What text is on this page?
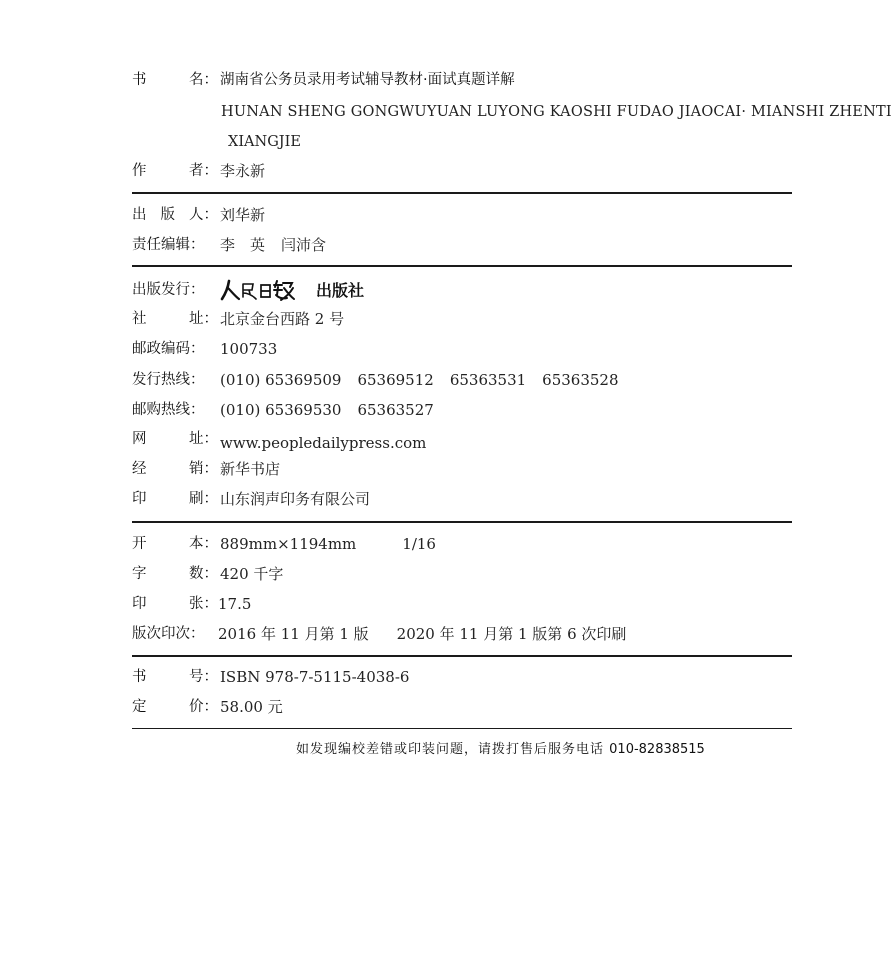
书	名： 湖南省公务员录用考试辅导教材·面试真题详解
HUNAN SHENG GONGWUYUAN LUYONG KAOSHI FUDAO JIAOCAI· MIANSHI ZHENTI
XIANGJIE
作	者： 李永新
出 版 人： 刘华新
责任编辑：	李　英 闫沛含
出版发行：	出版社
社	址： 北京金台西路 2 号
邮政编码：	100733
发行热线：	(010) 65369509 65369512 65363531 65363528
邮购热线：	(010) 65369530 65363527
网	址： www.peopledailypress.com
经	销： 新华书店
印	刷： 山东润声印务有限公司
开	本： 889mm×1194mm	1/16
字	数： 420 千字
印	张： 17.5
版次印次： 2016 年 11 月第 1 版 2020 年 11 月第 1 版第 6 次印刷
书	号： ISBN 978-7-5115-4038-6
定	价： 58.00 元
如发现编校差错或印装问题，请拨打售后服务电话 010-82838515
